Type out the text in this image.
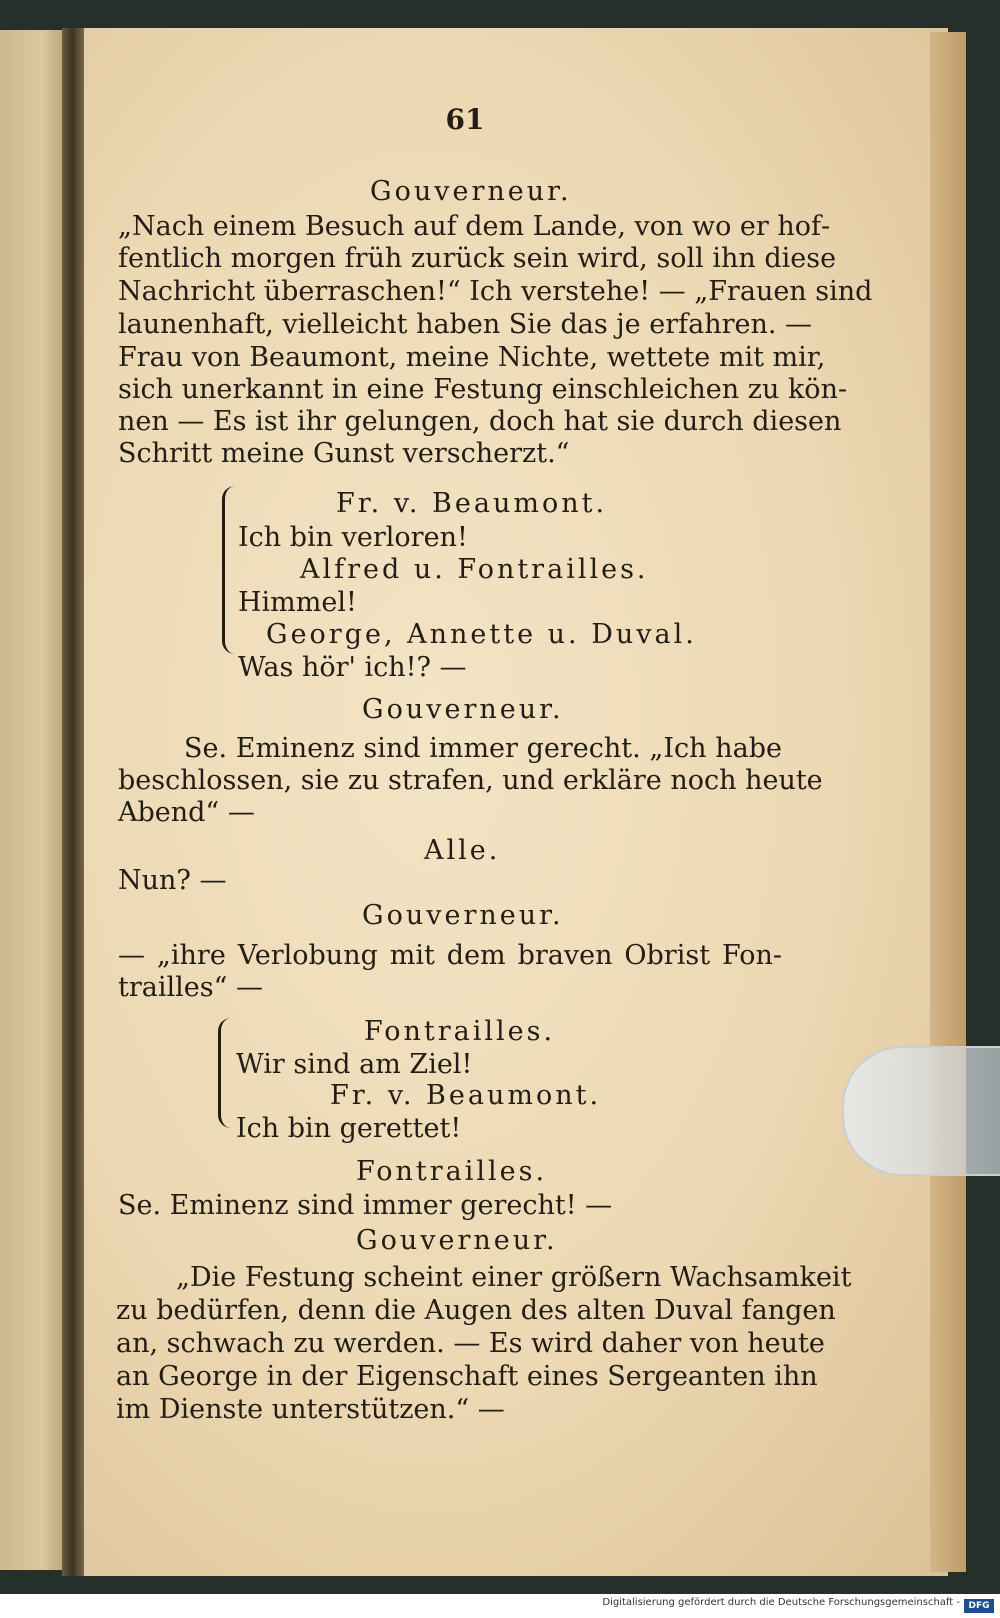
61
Gouverneur.
„Nach einem Besuch auf dem Lande, von wo er hof‐
fentlich morgen früh zurück sein wird, soll ihn diese
Nachricht überraschen!“ Ich verstehe! — „Frauen sind
launenhaft, vielleicht haben Sie das je erfahren. —
Frau von Beaumont, meine Nichte, wettete mit mir,
sich unerkannt in eine Festung einschleichen zu kön‐
nen — Es ist ihr gelungen, doch hat sie durch diesen
Schritt meine Gunst verscherzt.“
Fr. v. Beaumont.
Ich bin verloren!
Alfred u. Fontrailles.
Himmel!
George, Annette u. Duval.
Was hör' ich!? —
Gouverneur.
Se. Eminenz sind immer gerecht. „Ich habe
beschlossen, sie zu strafen, und erkläre noch heute
Abend“ —
Alle.
Nun? —
Gouverneur.
— „ihre Verlobung mit dem braven Obrist Fon‐
trailles“ —
Fontrailles.
Wir sind am Ziel!
Fr. v. Beaumont.
Ich bin gerettet!
Fontrailles.
Se. Eminenz sind immer gerecht! —
Gouverneur.
„Die Festung scheint einer größern Wachsamkeit
zu bedürfen, denn die Augen des alten Duval fangen
an, schwach zu werden. — Es wird daher von heute
an George in der Eigenschaft eines Sergeanten ihn
im Dienste unterstützen.“ —
Digitalisierung gefördert durch die Deutsche Forschungsgemeinschaft - DFG
